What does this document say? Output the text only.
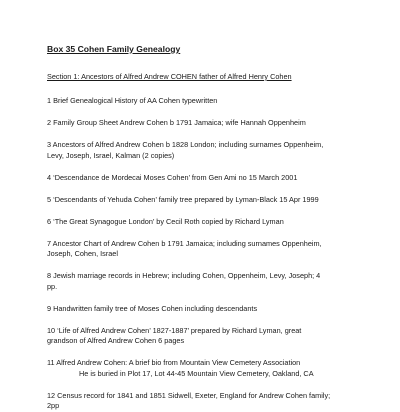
Box 35 Cohen Family Genealogy
Section 1: Ancestors of Alfred Andrew COHEN father of Alfred Henry Cohen
1 Brief Genealogical History of AA Cohen typewritten
2 Family Group Sheet Andrew Cohen b 1791 Jamaica; wife Hannah Oppenheim
3 Ancestors of Alfred Andrew Cohen b 1828 London; including surnames Oppenheim,
Levy, Joseph, Israel, Kalman (2 copies)
4 ‘Descendance de Mordecai Moses Cohen’ from Gen Ami no 15 March 2001
5 ‘Descendants of Yehuda Cohen’ family tree prepared by Lyman-Black 15 Apr 1999
6 ‘The Great Synagogue London’ by Cecil Roth copied by Richard Lyman
7 Ancestor Chart of Andrew Cohen b 1791 Jamaica; including surnames Oppenheim,
Joseph, Cohen, Israel
8 Jewish marriage records in Hebrew; including Cohen, Oppenheim, Levy, Joseph; 4
pp.
9 Handwritten family tree of Moses Cohen including descendants
10 ‘Life of Alfred Andrew Cohen’ 1827-1887’ prepared by Richard Lyman, great
grandson of Alfred Andrew Cohen 6 pages
11 Alfred Andrew Cohen: A brief bio from Mountain View Cemetery Association
He is buried in Plot 17, Lot 44-45 Mountain View Cemetery, Oakland, CA
12 Census record for 1841 and 1851 Sidwell, Exeter, England for Andrew Cohen family;
2pp
